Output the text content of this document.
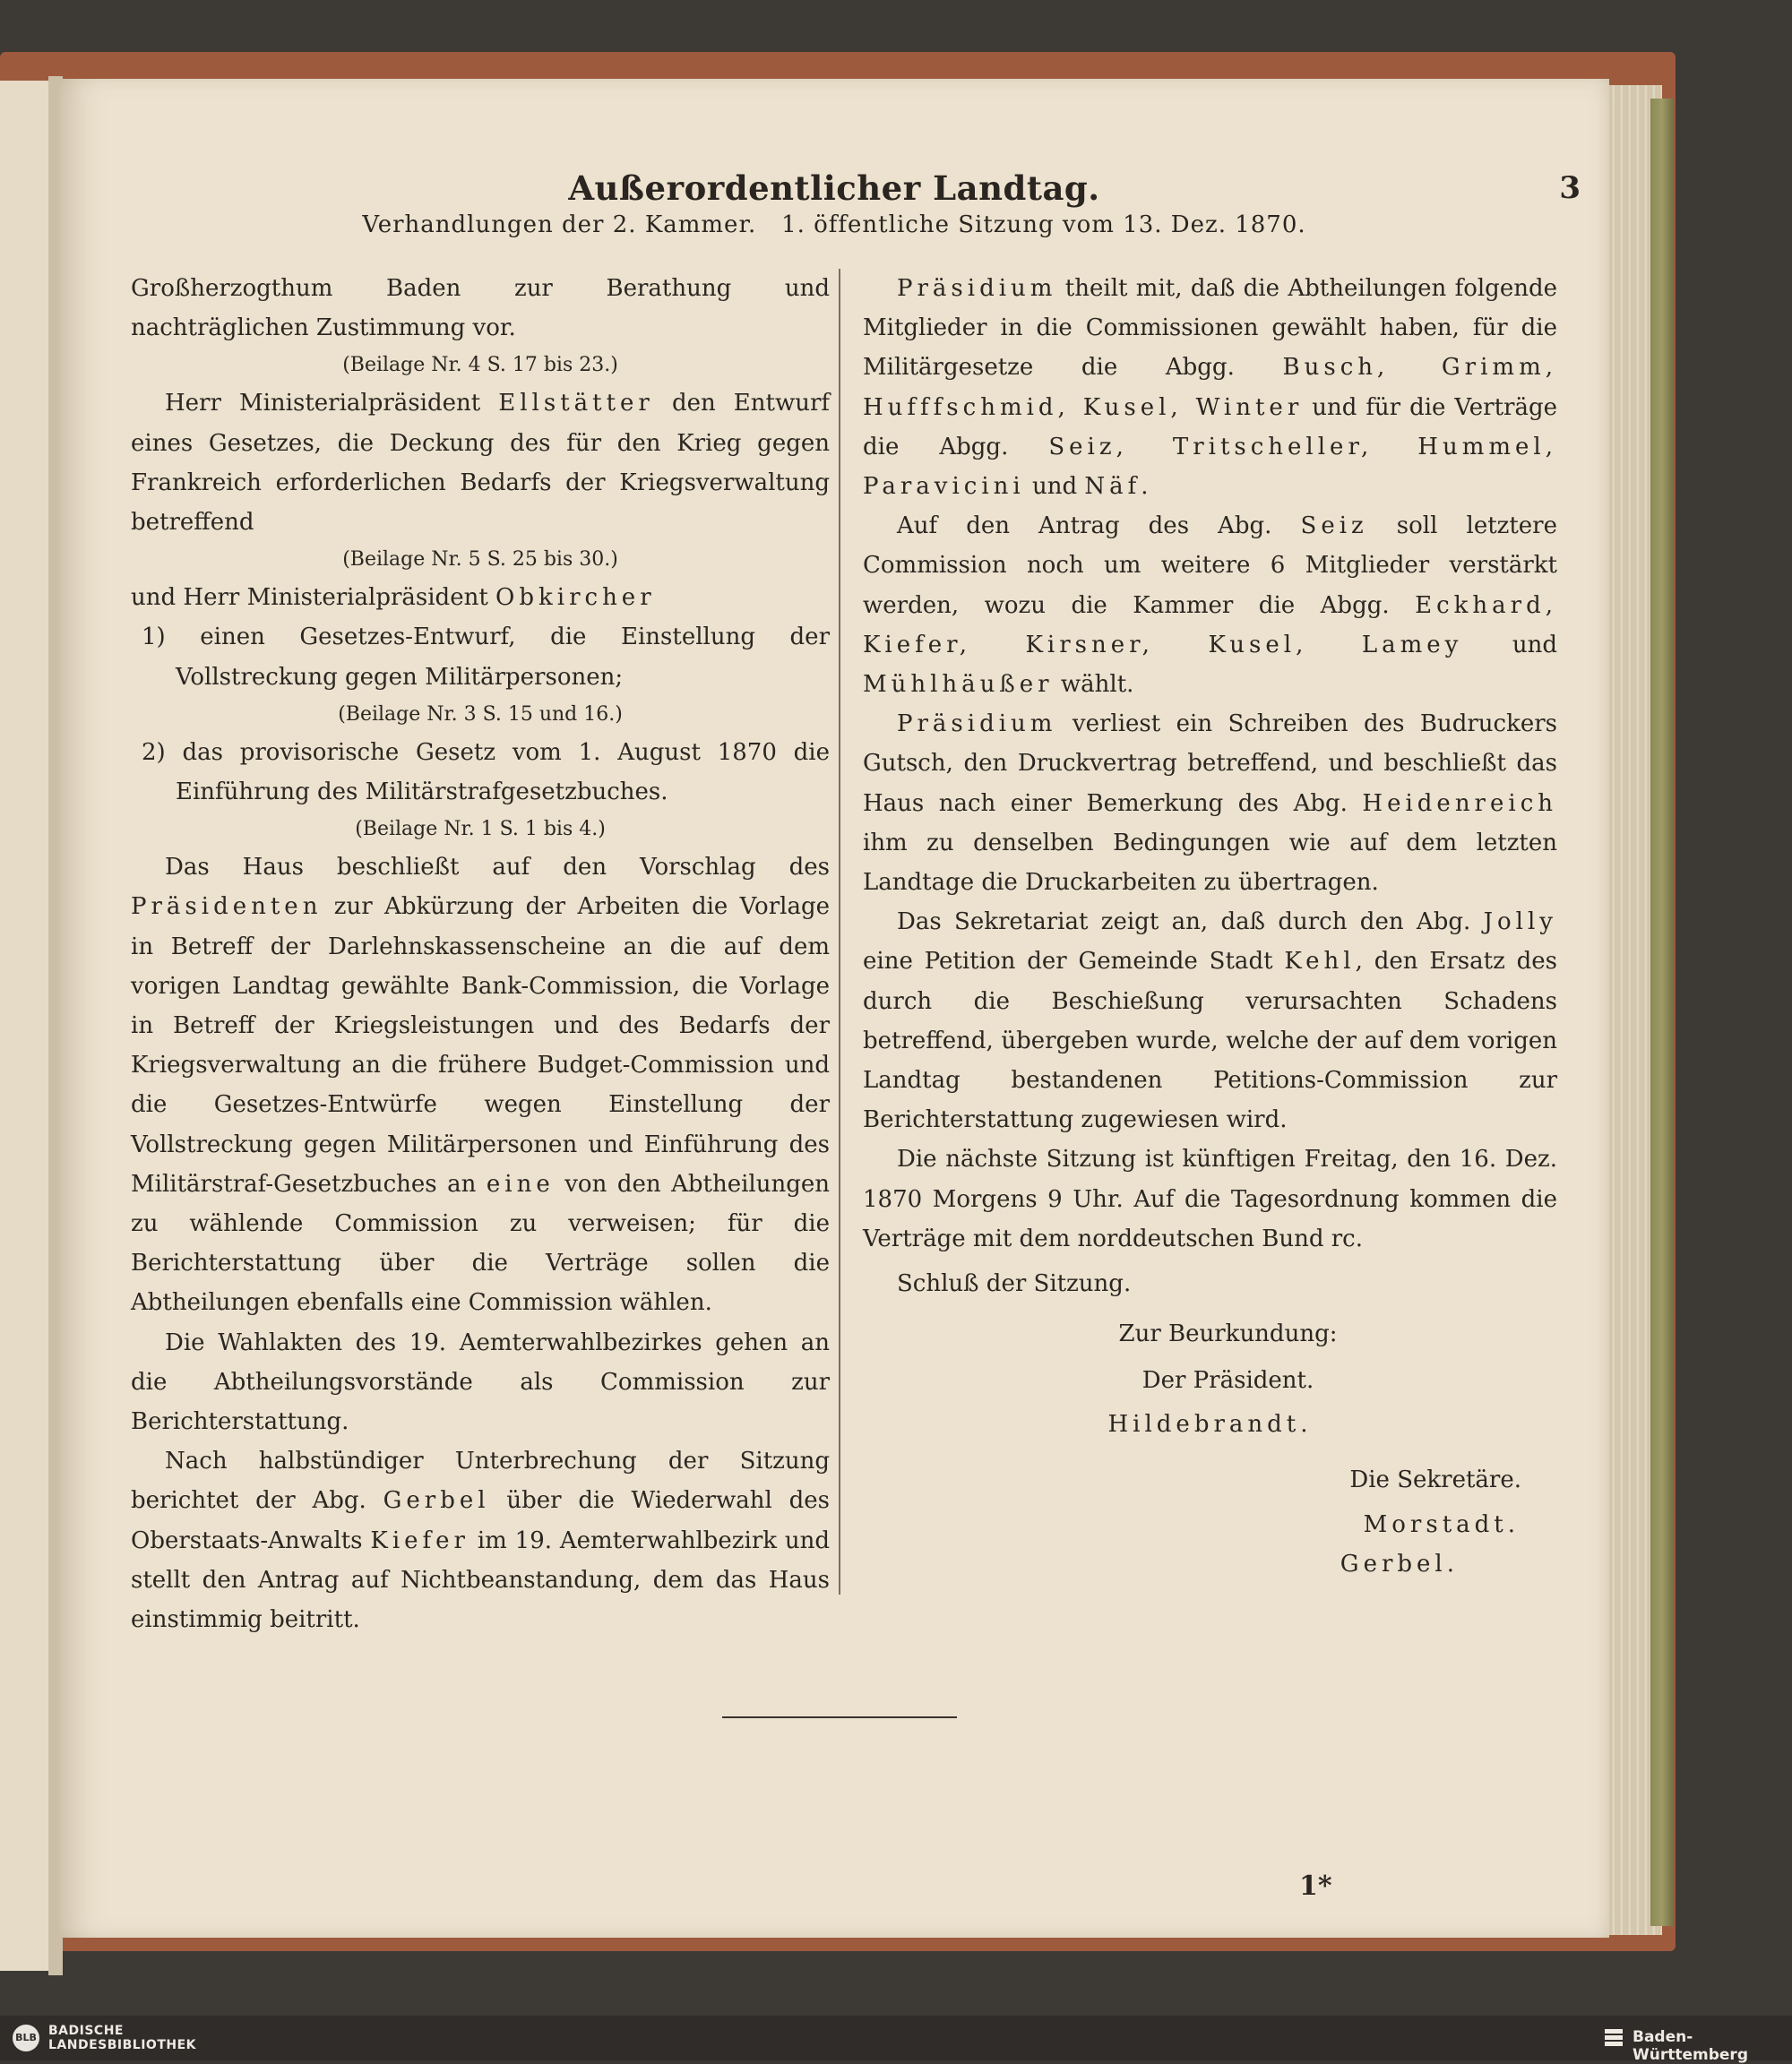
Außerordentlicher Landtag.
Verhandlungen der 2. Kammer.   1. öffentliche Sitzung vom 13. Dez. 1870.
3

Großherzogthum Baden zur Berathung und nachträglichen Zustimmung vor.

(Beilage Nr. 4 S. 17 bis 23.)

Herr Ministerialpräsident Ellstätter den Entwurf eines Gesetzes, die Deckung des für den Krieg gegen Frankreich erforderlichen Bedarfs der Kriegsverwaltung betreffend

(Beilage Nr. 5 S. 25 bis 30.)

und Herr Ministerialpräsident Obkircher

1) einen Gesetzes-Entwurf, die Einstellung der Vollstreckung gegen Militärpersonen;

(Beilage Nr. 3 S. 15 und 16.)

2) das provisorische Gesetz vom 1. August 1870 die Einführung des Militärstrafgesetzbuches.

(Beilage Nr. 1 S. 1 bis 4.)

Das Haus beschließt auf den Vorschlag des Präsidenten zur Abkürzung der Arbeiten die Vorlage in Betreff der Darlehnskassenscheine an die auf dem vorigen Landtag gewählte Bank-Commission, die Vorlage in Betreff der Kriegsleistungen und des Bedarfs der Kriegsverwaltung an die frühere Budget-Commission und die Gesetzes-Entwürfe wegen Einstellung der Vollstreckung gegen Militärpersonen und Einführung des Militärstraf-Gesetzbuches an eine von den Abtheilungen zu wählende Commission zu verweisen; für die Berichterstattung über die Verträge sollen die Abtheilungen ebenfalls eine Commission wählen.

Die Wahlakten des 19. Aemterwahlbezirkes gehen an die Abtheilungsvorstände als Commission zur Berichterstattung.

Nach halbstündiger Unterbrechung der Sitzung berichtet der Abg. Gerbel über die Wiederwahl des Oberstaats-Anwalts Kiefer im 19. Aemterwahlbezirk und stellt den Antrag auf Nichtbeanstandung, dem das Haus einstimmig beitritt.

Präsidium theilt mit, daß die Abtheilungen folgende Mitglieder in die Commissionen gewählt haben, für die Militärgesetze die Abgg. Busch, Grimm, Hufffschmid, Kusel, Winter und für die Verträge die Abgg. Seiz, Tritscheller, Hummel, Paravicini und Näf.

Auf den Antrag des Abg. Seiz soll letztere Commission noch um weitere 6 Mitglieder verstärkt werden, wozu die Kammer die Abgg. Eckhard, Kiefer, Kirsner, Kusel, Lamey und Mühlhäußer wählt.

Präsidium verliest ein Schreiben des Budruckers Gutsch, den Druckvertrag betreffend, und beschließt das Haus nach einer Bemerkung des Abg. Heidenreich ihm zu denselben Bedingungen wie auf dem letzten Landtage die Druckarbeiten zu übertragen.

Das Sekretariat zeigt an, daß durch den Abg. Jolly eine Petition der Gemeinde Stadt Kehl, den Ersatz des durch die Beschießung verursachten Schadens betreffend, übergeben wurde, welche der auf dem vorigen Landtag bestandenen Petitions-Commission zur Berichterstattung zugewiesen wird.

Die nächste Sitzung ist künftigen Freitag, den 16. Dez. 1870 Morgens 9 Uhr. Auf die Tagesordnung kommen die Verträge mit dem norddeutschen Bund rc.

Schluß der Sitzung.

Zur Beurkundung:

Der Präsident.

Hildebrandt.

Die Sekretäre.

Morstadt.

Gerbel.

1*
BLB BADISCHE
LANDESBIBLIOTHEK	Baden-Württemberg
